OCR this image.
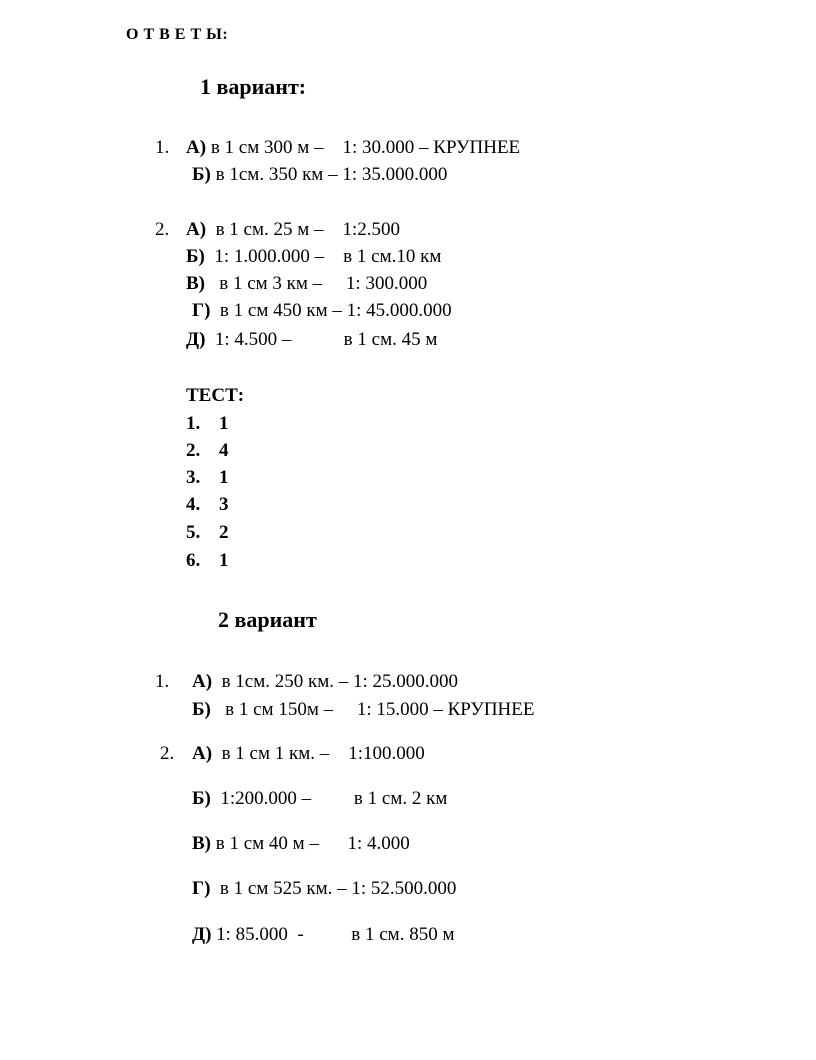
О Т В Е Т Ы:
1 вариант:
1. А) в 1 см 300 м –    1: 30.000 – КРУПНЕЕ
Б) в 1см. 350 км – 1: 35.000.000
2. А) в 1 см. 25 м –    1:2.500
Б) 1: 1.000.000 –    в 1 см.10 км
В) в 1 см 3 км –     1: 300.000
Г) в 1 см 450 км – 1: 45.000.000
Д) 1: 4.500 –           в 1 см. 45 м
ТЕСТ:
1. 1
2. 4
3. 1
4. 3
5. 2
6. 1
2 вариант
1. А) в 1см. 250 км. – 1: 25.000.000
Б) в 1 см 150м –     1: 15.000 – КРУПНЕЕ
2. А) в 1 см 1 км. –    1:100.000
Б) 1:200.000 –         в 1 см. 2 км
В) в 1 см 40 м –      1: 4.000
Г) в 1 см 525 км. – 1: 52.500.000
Д) 1: 85.000  -          в 1 см. 850 м
